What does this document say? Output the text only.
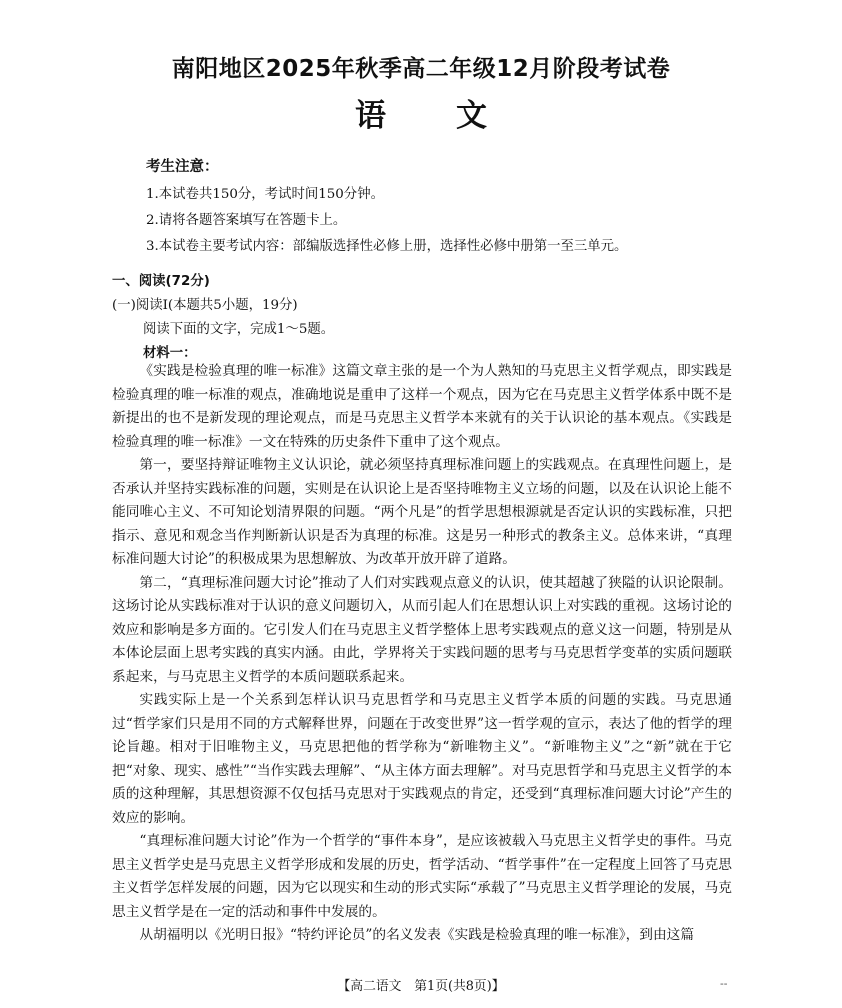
南阳地区2025年秋季高二年级12月阶段考试卷
语文
考生注意：
1.本试卷共150分，考试时间150分钟。
2.请将各题答案填写在答题卡上。
3.本试卷主要考试内容：部编版选择性必修上册，选择性必修中册第一至三单元。
一、阅读(72分)
(一)阅读Ⅰ(本题共5小题，19分)
阅读下面的文字，完成1～5题。
材料一：

《实践是检验真理的唯一标准》这篇文章主张的是一个为人熟知的马克思主义哲学观点，即实践是检验真理的唯一标准的观点，准确地说是重申了这样一个观点，因为它在马克思主义哲学体系中既不是新提出的也不是新发现的理论观点，而是马克思主义哲学本来就有的关于认识论的基本观点。《实践是检验真理的唯一标准》一文在特殊的历史条件下重申了这个观点。

第一，要坚持辩证唯物主义认识论，就必须坚持真理标准问题上的实践观点。在真理性问题上，是否承认并坚持实践标准的问题，实则是在认识论上是否坚持唯物主义立场的问题，以及在认识论上能不能同唯心主义、不可知论划清界限的问题。“两个凡是”的哲学思想根源就是否定认识的实践标准，只把指示、意见和观念当作判断新认识是否为真理的标准。这是另一种形式的教条主义。总体来讲，“真理标准问题大讨论”的积极成果为思想解放、为改革开放开辟了道路。

第二，“真理标准问题大讨论”推动了人们对实践观点意义的认识，使其超越了狭隘的认识论限制。这场讨论从实践标准对于认识的意义问题切入，从而引起人们在思想认识上对实践的重视。这场讨论的效应和影响是多方面的。它引发人们在马克思主义哲学整体上思考实践观点的意义这一问题，特别是从本体论层面上思考实践的真实内涵。由此，学界将关于实践问题的思考与马克思哲学变革的实质问题联系起来，与马克思主义哲学的本质问题联系起来。

实践实际上是一个关系到怎样认识马克思哲学和马克思主义哲学本质的问题的实践。马克思通过“哲学家们只是用不同的方式解释世界，问题在于改变世界”这一哲学观的宣示，表达了他的哲学的理论旨趣。相对于旧唯物主义，马克思把他的哲学称为“新唯物主义”。“新唯物主义”之“新”就在于它把“对象、现实、感性”“当作实践去理解”、“从主体方面去理解”。对马克思哲学和马克思主义哲学的本质的这种理解，其思想资源不仅包括马克思对于实践观点的肯定，还受到“真理标准问题大讨论”产生的效应的影响。

“真理标准问题大讨论”作为一个哲学的“事件本身”，是应该被载入马克思主义哲学史的事件。马克思主义哲学史是马克思主义哲学形成和发展的历史，哲学活动、“哲学事件”在一定程度上回答了马克思主义哲学怎样发展的问题，因为它以现实和生动的形式实际“承载了”马克思主义哲学理论的发展，马克思主义哲学是在一定的活动和事件中发展的。

从胡福明以《光明日报》“特约评论员”的名义发表《实践是检验真理的唯一标准》，到由这篇

【高二语文　第1页(共8页)】	--
